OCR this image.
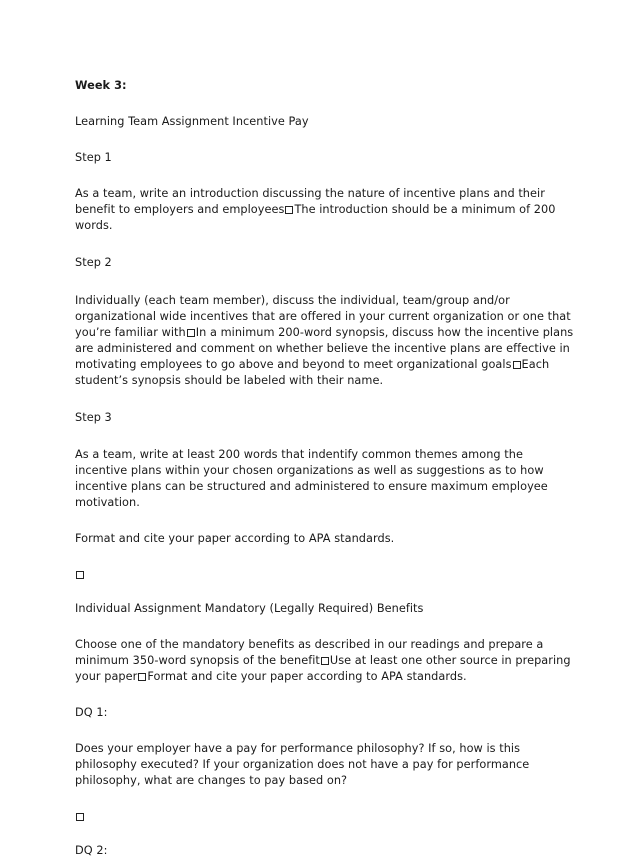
Week 3:

Learning Team Assignment Incentive Pay

Step 1

As a team, write an introduction discussing the nature of incentive plans and their benefit to employers and employees The introduction should be a minimum of 200 words.

Step 2

Individually (each team member), discuss the individual, team/group and/or organizational wide incentives that are offered in your current organization or one that you’re familiar with In a minimum 200-word synopsis, discuss how the incentive plans are administered and comment on whether believe the incentive plans are effective in motivating employees to go above and beyond to meet organizational goals Each student’s synopsis should be labeled with their name.

Step 3

As a team, write at least 200 words that indentify common themes among the incentive plans within your chosen organizations as well as suggestions as to how incentive plans can be structured and administered to ensure maximum employee motivation.

Format and cite your paper according to APA standards.

Individual Assignment Mandatory (Legally Required) Benefits

Choose one of the mandatory benefits as described in our readings and prepare a minimum 350-word synopsis of the benefit Use at least one other source in preparing your paper Format and cite your paper according to APA standards.

DQ 1:

Does your employer have a pay for performance philosophy? If so, how is this philosophy executed? If your organization does not have a pay for performance philosophy, what are changes to pay based on?

DQ 2:
